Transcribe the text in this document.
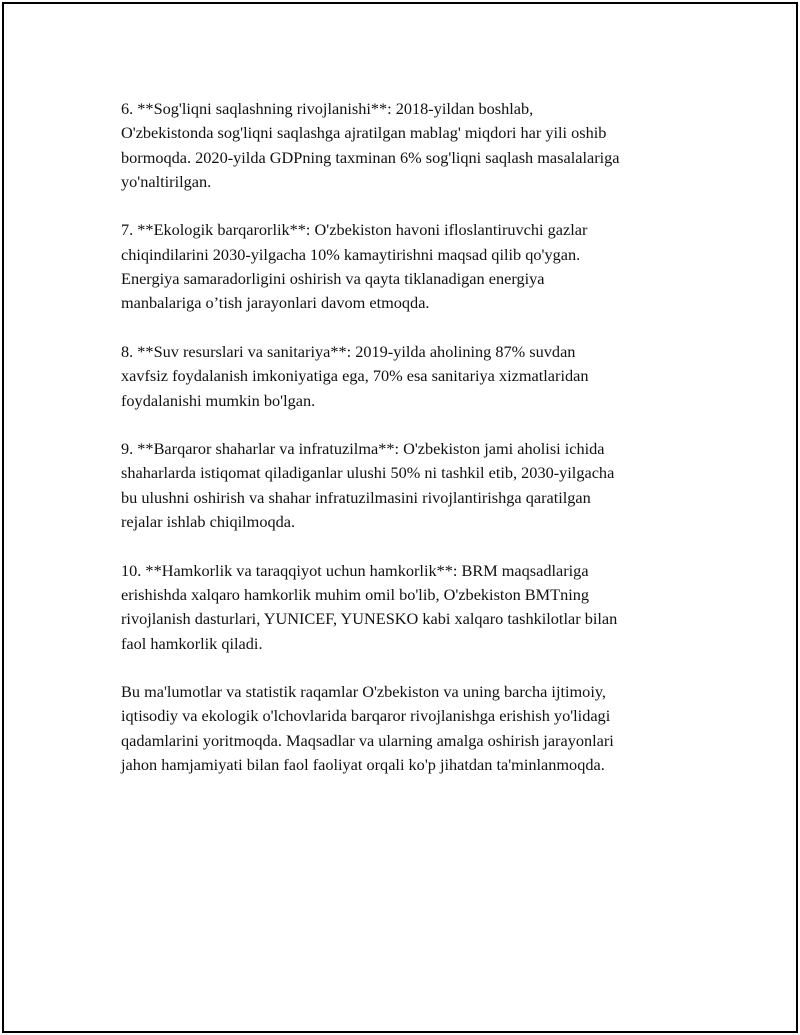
6. **Sog'liqni saqlashning rivojlanishi**: 2018-yildan boshlab,
O'zbekistonda sog'liqni saqlashga ajratilgan mablag' miqdori har yili oshib
bormoqda. 2020-yilda GDPning taxminan 6% sog'liqni saqlash masalalariga
yo'naltirilgan.

7. **Ekologik barqarorlik**: O'zbekiston havoni ifloslantiruvchi gazlar
chiqindilarini 2030-yilgacha 10% kamaytirishni maqsad qilib qo'ygan.
Energiya samaradorligini oshirish va qayta tiklanadigan energiya
manbalariga o’tish jarayonlari davom etmoqda.

8. **Suv resurslari va sanitariya**: 2019-yilda aholining 87% suvdan
xavfsiz foydalanish imkoniyatiga ega, 70% esa sanitariya xizmatlaridan
foydalanishi mumkin bo'lgan.

9. **Barqaror shaharlar va infratuzilma**: O'zbekiston jami aholisi ichida
shaharlarda istiqomat qiladiganlar ulushi 50% ni tashkil etib, 2030-yilgacha
bu ulushni oshirish va shahar infratuzilmasini rivojlantirishga qaratilgan
rejalar ishlab chiqilmoqda.

10. **Hamkorlik va taraqqiyot uchun hamkorlik**: BRM maqsadlariga
erishishda xalqaro hamkorlik muhim omil bo'lib, O'zbekiston BMTning
rivojlanish dasturlari, YUNICEF, YUNESKO kabi xalqaro tashkilotlar bilan
faol hamkorlik qiladi.

Bu ma'lumotlar va statistik raqamlar O'zbekiston va uning barcha ijtimoiy,
iqtisodiy va ekologik o'lchovlarida barqaror rivojlanishga erishish yo'lidagi
qadamlarini yoritmoqda. Maqsadlar va ularning amalga oshirish jarayonlari
jahon hamjamiyati bilan faol faoliyat orqali ko'p jihatdan ta'minlanmoqda.
